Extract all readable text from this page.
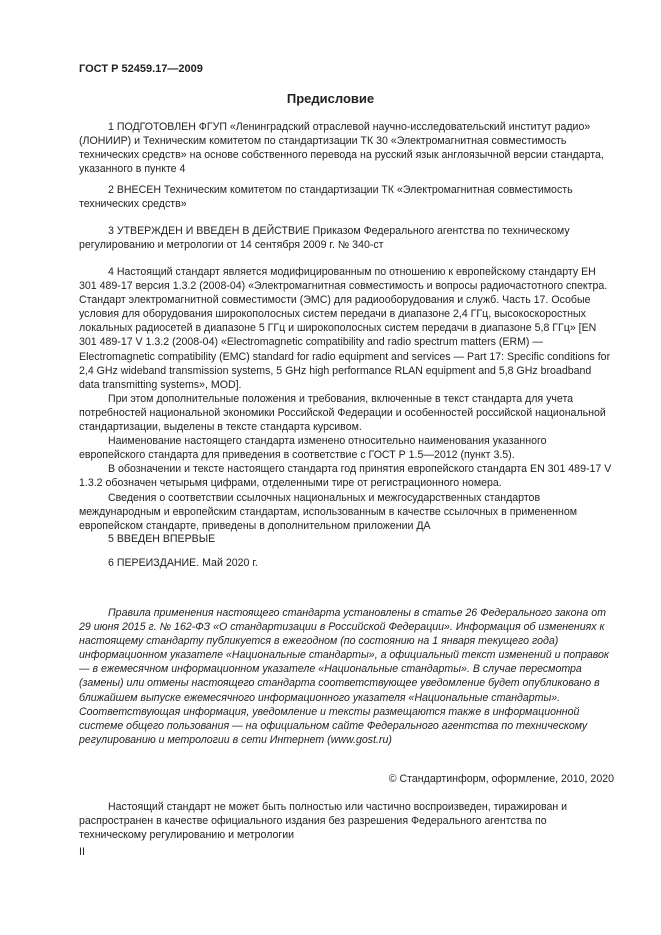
ГОСТ Р 52459.17—2009
Предисловие

1 ПОДГОТОВЛЕН ФГУП «Ленинградский отраслевой научно-исследовательский институт радио» (ЛОНИИР) и Техническим комитетом по стандартизации ТК 30 «Электромагнитная совместимость технических средств» на основе собственного перевода на русский язык англоязычной версии стандарта, указанного в пункте 4

2 ВНЕСЕН Техническим комитетом по стандартизации ТК «Электромагнитная совместимость технических средств»

3 УТВЕРЖДЕН И ВВЕДЕН В ДЕЙСТВИЕ Приказом Федерального агентства по техническому регулированию и метрологии от 14 сентября 2009 г. № 340-ст

4 Настоящий стандарт является модифицированным по отношению к европейскому стандарту ЕН 301 489-17 версия 1.3.2 (2008-04) «Электромагнитная совместимость и вопросы радиочастотного спектра. Стандарт электромагнитной совместимости (ЭМС) для радиооборудования и служб. Часть 17. Особые условия для оборудования широкополосных систем передачи в диапазоне 2,4 ГГц, высокоскоростных локальных радиосетей в диапазоне 5 ГГц и широкополосных систем передачи в диапазоне 5,8 ГГц» [EN 301 489-17 V 1.3.2 (2008-04) «Electromagnetic compatibility and radio spectrum matters (ERM) — Electromagnetic compatibility (EMC) standard for radio equipment and services — Part 17: Specific conditions for 2,4 GHz wideband transmission systems, 5 GHz high performance RLAN equipment and 5,8 GHz broadband data transmitting systems», MOD].

При этом дополнительные положения и требования, включенные в текст стандарта для учета потребностей национальной экономики Российской Федерации и особенностей российской национальной стандартизации, выделены в тексте стандарта курсивом.

Наименование настоящего стандарта изменено относительно наименования указанного европейского стандарта для приведения в соответствие с ГОСТ Р 1.5—2012 (пункт 3.5).

В обозначении и тексте настоящего стандарта год принятия европейского стандарта EN 301 489-17 V 1.3.2 обозначен четырьмя цифрами, отделенными тире от регистрационного номера.

Сведения о соответствии ссылочных национальных и межгосударственных стандартов международным и европейским стандартам, использованным в качестве ссылочных в примененном европейском стандарте, приведены в дополнительном приложении ДА

5 ВВЕДЕН ВПЕРВЫЕ

6 ПЕРЕИЗДАНИЕ. Май 2020 г.

Правила применения настоящего стандарта установлены в статье 26 Федерального закона от 29 июня 2015 г. № 162-ФЗ «О стандартизации в Российской Федерации». Информация об изменениях к настоящему стандарту публикуется в ежегодном (по состоянию на 1 января текущего года) информационном указателе «Национальные стандарты», а официальный текст изменений и поправок — в ежемесячном информационном указателе «Национальные стандарты». В случае пересмотра (замены) или отмены настоящего стандарта соответствующее уведомление будет опубликовано в ближайшем выпуске ежемесячного информационного указателя «Национальные стандарты». Соответствующая информация, уведомление и тексты размещаются также в информационной системе общего пользования — на официальном сайте Федерального агентства по техническому регулированию и метрологии в сети Интернет (www.gost.ru)

© Стандартинформ, оформление, 2010, 2020

Настоящий стандарт не может быть полностью или частично воспроизведен, тиражирован и распространен в качестве официального издания без разрешения Федерального агентства по техническому регулированию и метрологии

II
